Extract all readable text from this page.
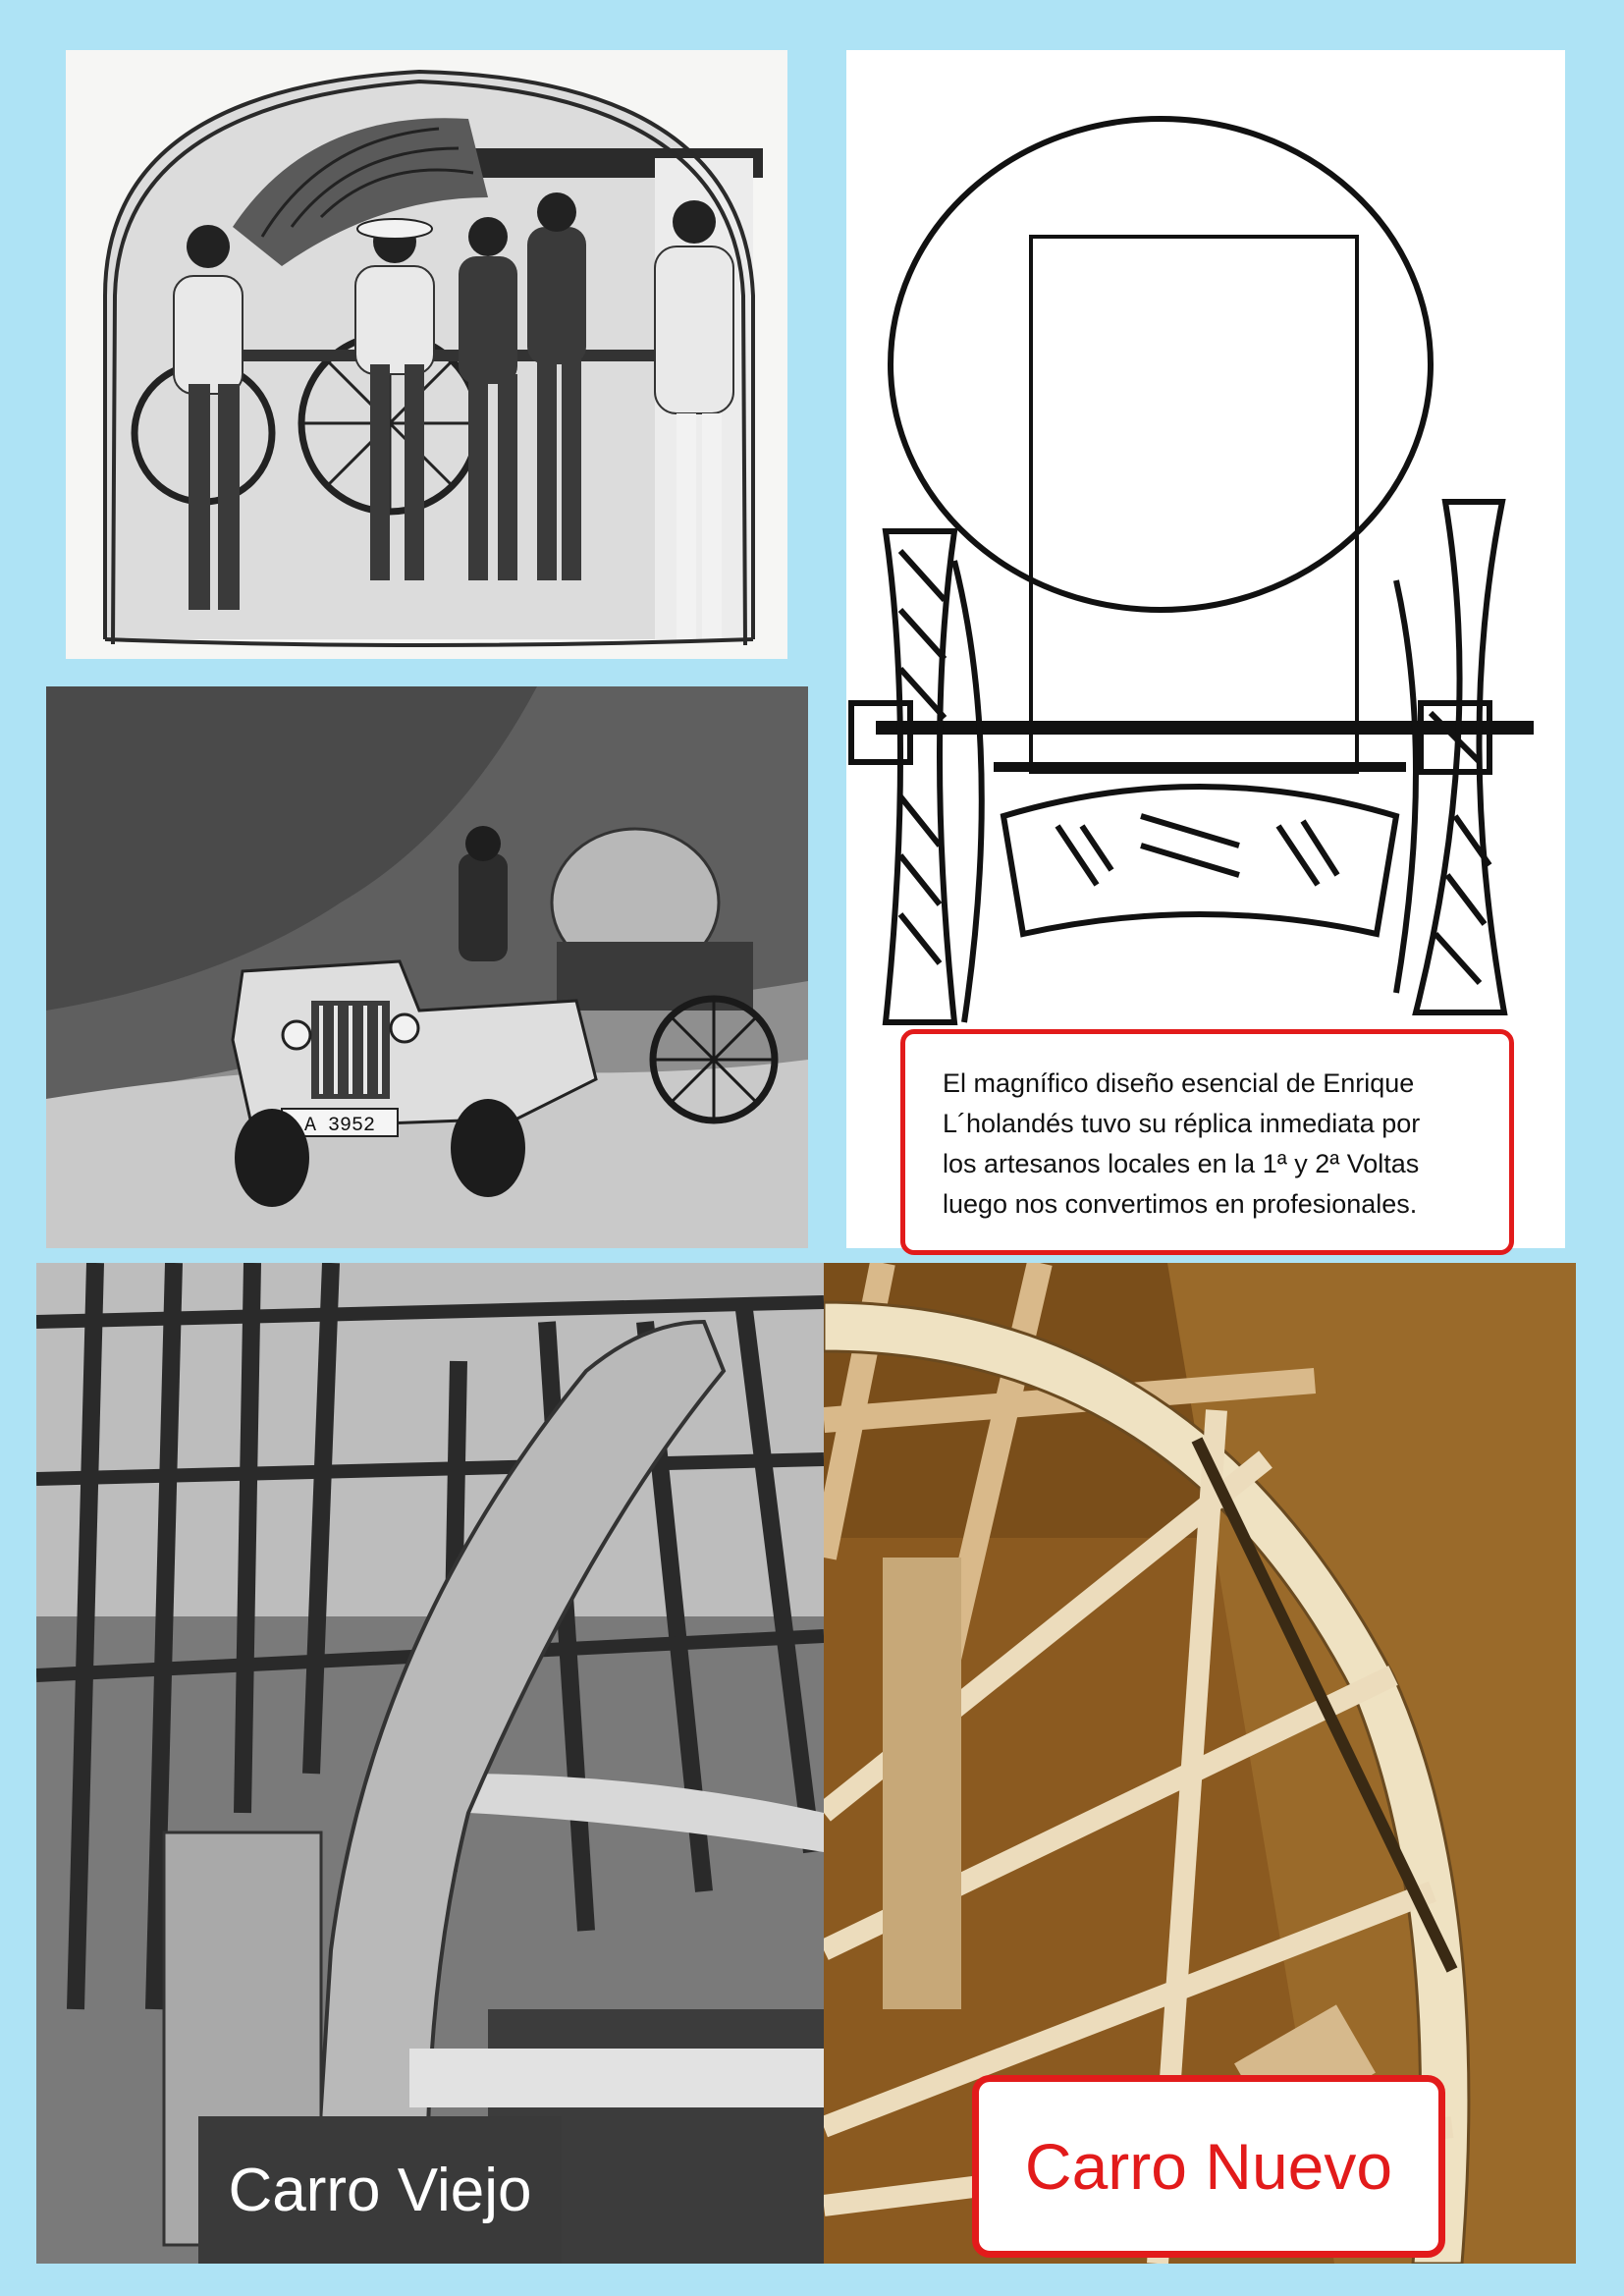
El magnífico diseño esencial de Enrique

L´holandés tuvo su réplica inmediata por

los artesanos locales en la 1ª y 2ª Voltas

luego nos convertimos en profesionales.

A 3952
Carro Viejo	Carro Nuevo
